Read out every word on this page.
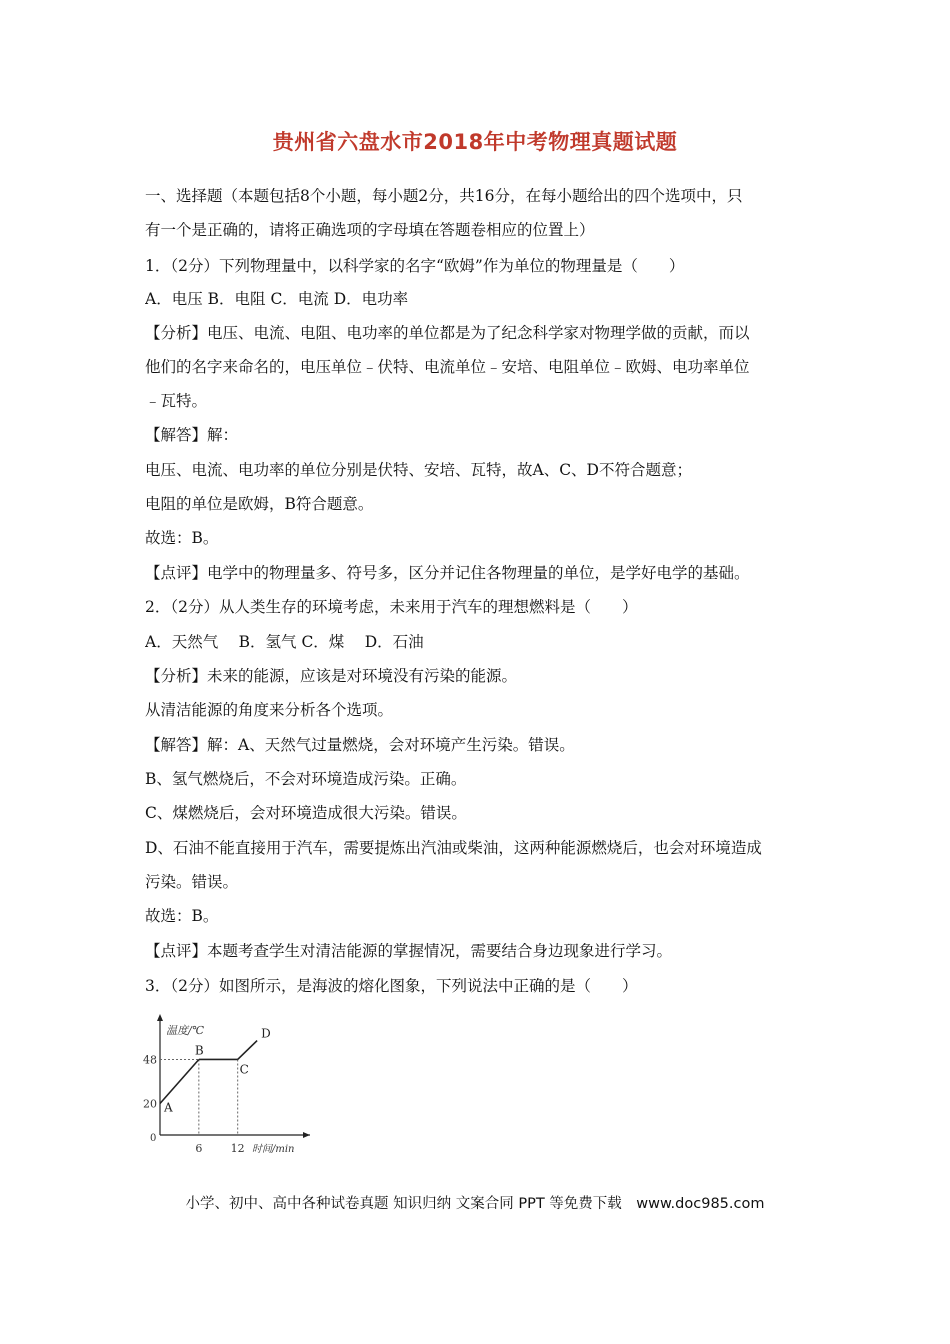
贵州省六盘水市2018年中考物理真题试题
一、选择题（本题包括8个小题，每小题2分，共16分，在每小题给出的四个选项中，只
有一个是正确的，请将正确选项的字母填在答题卷相应的位置上）
1．（2分）下列物理量中，以科学家的名字“欧姆”作为单位的物理量是（　　）
A．电压 B．电阻 C．电流 D．电功率
【分析】电压、电流、电阻、电功率的单位都是为了纪念科学家对物理学做的贡献，而以
他们的名字来命名的，电压单位﹣伏特、电流单位﹣安培、电阻单位﹣欧姆、电功率单位
﹣瓦特。
【解答】解：
电压、电流、电功率的单位分别是伏特、安培、瓦特，故A、C、D不符合题意；
电阻的单位是欧姆，B符合题意。
故选：B。
【点评】电学中的物理量多、符号多，区分并记住各物理量的单位，是学好电学的基础。
2．（2分）从人类生存的环境考虑，未来用于汽车的理想燃料是（　　）
A．天然气　 B．氢气 C．煤　 D．石油
【分析】未来的能源，应该是对环境没有污染的能源。
从清洁能源的角度来分析各个选项。
【解答】解：A、天然气过量燃烧，会对环境产生污染。错误。
B、氢气燃烧后，不会对环境造成污染。正确。
C、煤燃烧后，会对环境造成很大污染。错误。
D、石油不能直接用于汽车，需要提炼出汽油或柴油，这两种能源燃烧后，也会对环境造成
污染。错误。
故选：B。
【点评】本题考查学生对清洁能源的掌握情况，需要结合身边现象进行学习。
3．（2分）如图所示，是海波的熔化图象，下列说法中正确的是（　　）
温度/℃
时间/min
0
20
48
6	12
A
B
C
D
小学、初中、高中各种试卷真题 知识归纳 文案合同 PPT 等免费下载　www.doc985.com
